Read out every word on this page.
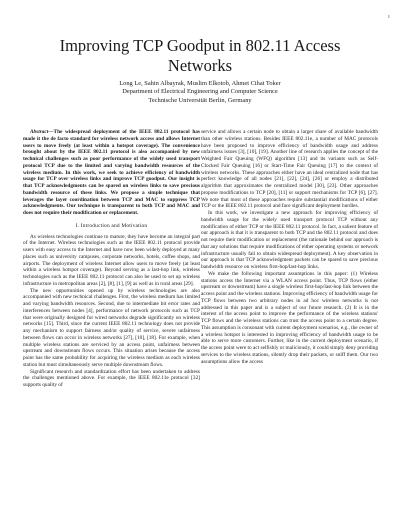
1
Improving TCP Goodput in 802.11 Access Networks
Long Le, Sahin Albayrak, Muslim Elkotob, Ahmet Cihat Toker
Department of Electrical Engineering and Computer Science
Technische Universität Berlin, Germany

Abstract—The widespread deployment of the IEEE 802.11 protocol has made it the de facto standard for wireless network access and allows Internet users to move freely (at least within a hotspot coverage). The convenience brought about by the IEEE 802.11 protocol is also accompanied by new technical challenges such as poor performance of the widely used transport protocol TCP due to the limited and varying bandwidth resources of the wireless medium. In this work, we seek to achieve efficiency of bandwidth usage for TCP over wireless links and improve TCP goodput. Our insight is that TCP acknowledgments can be spared on wireless links to save precious bandwidth resource of these links. We propose a simple technique that leverages the layer coordination between TCP and MAC to suppress TCP acknowledgments. Our technique is transparent to both TCP and MAC and does not require their modification or replacement.

I. Introduction and Motivation

As wireless technologies continue to mature, they have become an integral part of the Internet. Wireless technologies such as the IEEE 802.11 protocol provide users with easy access to the Internet and have now been widely deployed at many places such as university campuses, corporate networks, hotels, coffee shops, and airports. The deployment of wireless Internet allow users to move freely (at least within a wireless hotspot coverage). Beyond serving as a last-hop link, wireless technologies such as the IEEE 802.11 protocol can also be used to set up wireless infrastructure in metropolitan areas [2], [8], [1], [9] as well as in rural areas [29].

The new opportunities opened up by wireless technologies are also accompanied with new technical challenges. First, the wireless medium has limited and varying bandwidth resources. Second, due to intermediate bit error rates and interferences between nodes [4], performance of network protocols such as TCP that were originally designed for wired networks degrade significantly on wireless networks [15]. Third, since the current IEEE 802.11 technology does not provide any mechanism to support fairness and/or quality of service, severe unfairness between flows can occur in wireless networks [27], [10], [18]. For example, when multiple wireless stations are serviced by an access point, unfairness between upstream and downstream flows occurs. This situation arises because the access point has the same probability for acquiring the wireless medium as each wireless station but must simultaneously serve multiple downstream flows.

Significant research and standardization effort has been undertaken to address the challenges mentioned above. For example, the IEEE 802.11e protocol [32] supports quality of

service and allows a certain node to obtain a larger share of available bandwidth than other wireless stations. Besides IEEE 802.11e, a number of MAC protocols have been proposed to improve efficiency of bandwidth usage and address unfairness issues [3], [10], [19]. Another line of research applies the concept of the Weighted Fair Queuing (WFQ) algorithm [13] and its variants such as Self-Clocked Fair Queuing [16] or Start-Time Fair Queuing [17] to the context of wireless networks. These approaches either have an ideal centralized node that has perfect knowledge of all nodes [21], [22], [24], [26] or employ a distributed algorithm that approximates the centralized model [30], [23]. Other approaches propose modifications to TCP [20], [11] or support mechanisms for TCP [6], [27]. We note that most of these approaches require substantial modifications of either TCP or the IEEE 802.11 protocol and face significant deployment hurdles.

In this work, we investigate a new approach for improving efficiency of bandwidth usage for the widely used transport protocol TCP without any modification of either TCP or the IEEE 802.11 protocol. In fact, a salient feature of our approach is that it is transparent to both TCP and the 802.11 protocol and does not require their modification or replacement (the rationale behind our approach is that any solutions that require modifications of either operating systems or network infrastructure usually fail to obtain widespread deployment). A key observation in our approach is that TCP acknowledgment packets can be spared to save precious bandwidth resource on wireless first-hop/last-hop links.

We make the following important assumptions in this paper: (1) Wireless stations access the Internet via a WLAN access point. Thus, TCP flows (either upstream or downstream) have a single wireless first-hop/last-hop link between the access point and the wireless stations. Improving efficiency of bandwidth usage for TCP flows between two arbitrary nodes in ad hoc wireless networks is not addressed in this paper and is a subject of our future research. (2) It is in the interest of the access point to improve the performance of the wireless stations' TCP flows and the wireless stations can trust the access point to a certain degree. This assumption is consonant with current deployment scenarios, e.g., the owner of a wireless hotspot is interested in improving efficiency of bandwidth usage to be able to serve more customers. Further, like in the current deployment scenario, if the access point were to act selfishly or maliciously, it could simply deny providing services to the wireless stations, silently drop their packets, or sniff them. Our two assumptions allow the access
